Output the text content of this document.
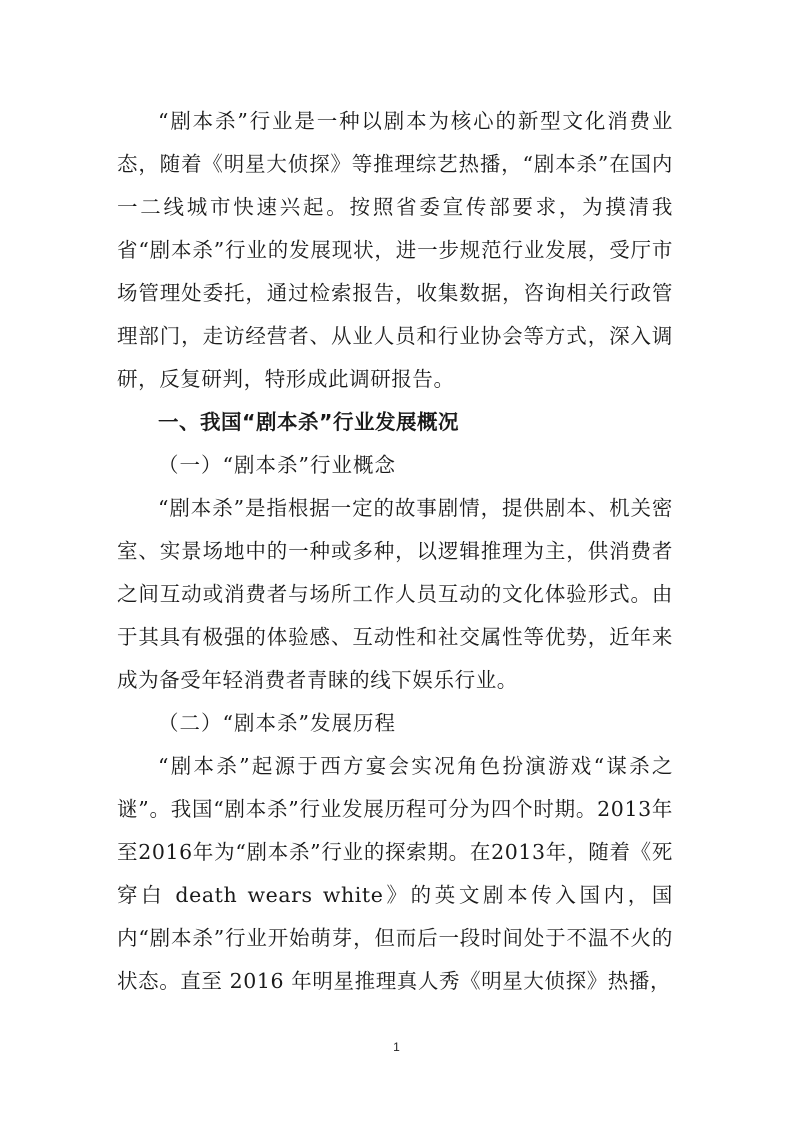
“剧本杀”行业是一种以剧本为核心的新型文化消费业态，随着《明星大侦探》等推理综艺热播，“剧本杀”在国内一二线城市快速兴起。按照省委宣传部要求，为摸清我省“剧本杀”行业的发展现状，进一步规范行业发展，受厅市场管理处委托，通过检索报告，收集数据，咨询相关行政管理部门，走访经营者、从业人员和行业协会等方式，深入调研，反复研判，特形成此调研报告。

一、我国“剧本杀”行业发展概况

（一）“剧本杀”行业概念

“剧本杀”是指根据一定的故事剧情，提供剧本、机关密室、实景场地中的一种或多种，以逻辑推理为主，供消费者之间互动或消费者与场所工作人员互动的文化体验形式。由于其具有极强的体验感、互动性和社交属性等优势，近年来成为备受年轻消费者青睐的线下娱乐行业。

（二）“剧本杀”发展历程

“剧本杀”起源于西方宴会实况角色扮演游戏“谋杀之谜”。我国“剧本杀”行业发展历程可分为四个时期。2013年至2016年为“剧本杀”行业的探索期。在2013年，随着《死穿白 death wears white》的英文剧本传入国内，国内“剧本杀”行业开始萌芽，但而后一段时间处于不温不火的状态。直至 2016 年明星推理真人秀《明星大侦探》热播，

1
